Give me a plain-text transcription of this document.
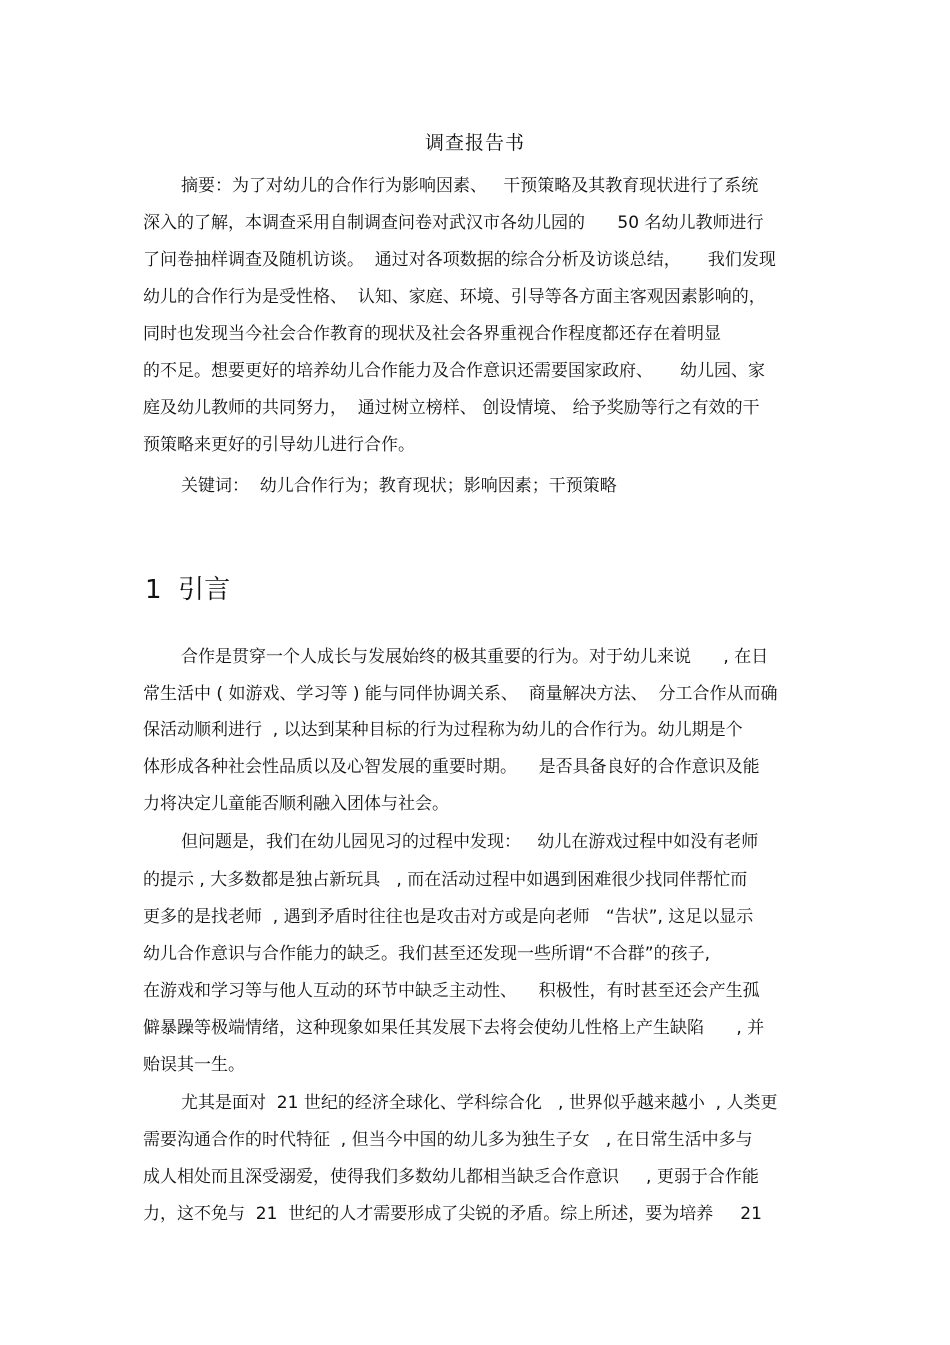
调查报告书
摘要：为了对幼儿的合作行为影响因素、   干预策略及其教育现状进行了系统
深入的了解，本调查采用自制调查问卷对武汉市各幼儿园的      50 名幼儿教师进行
了问卷抽样调查及随机访谈。  通过对各项数据的综合分析及访谈总结，     我们发现
幼儿的合作行为是受性格、  认知、家庭、环境、引导等各方面主客观因素影响的，
同时也发现当今社会合作教育的现状及社会各界重视合作程度都还存在着明显
的不足。想要更好的培养幼儿合作能力及合作意识还需要国家政府、     幼儿园、家
庭及幼儿教师的共同努力，  通过树立榜样、 创设情境、 给予奖励等行之有效的干
预策略来更好的引导幼儿进行合作。
关键词：  幼儿合作行为；教育现状；影响因素；干预策略
1  引言
合作是贯穿一个人成长与发展始终的极其重要的行为。对于幼儿来说      , 在日
常生活中 ( 如游戏、学习等 ) 能与同伴协调关系、  商量解决方法、  分工合作从而确
保活动顺利进行  , 以达到某种目标的行为过程称为幼儿的合作行为。幼儿期是个
体形成各种社会性品质以及心智发展的重要时期。    是否具备良好的合作意识及能
力将决定儿童能否顺利融入团体与社会。
但问题是，我们在幼儿园见习的过程中发现：   幼儿在游戏过程中如没有老师
的提示 , 大多数都是独占新玩具   , 而在活动过程中如遇到困难很少找同伴帮忙而
更多的是找老师  , 遇到矛盾时往往也是攻击对方或是向老师   “告状”, 这足以显示
幼儿合作意识与合作能力的缺乏。我们甚至还发现一些所谓“不合群”的孩子,
在游戏和学习等与他人互动的环节中缺乏主动性、    积极性，有时甚至还会产生孤
僻暴躁等极端情绪，这种现象如果任其发展下去将会使幼儿性格上产生缺陷      , 并
贻误其一生。
尤其是面对  21 世纪的经济全球化、学科综合化   , 世界似乎越来越小  , 人类更
需要沟通合作的时代特征  , 但当今中国的幼儿多为独生子女   , 在日常生活中多与
成人相处而且深受溺爱，使得我们多数幼儿都相当缺乏合作意识     , 更弱于合作能
力，这不免与  21  世纪的人才需要形成了尖锐的矛盾。综上所述，要为培养     21
